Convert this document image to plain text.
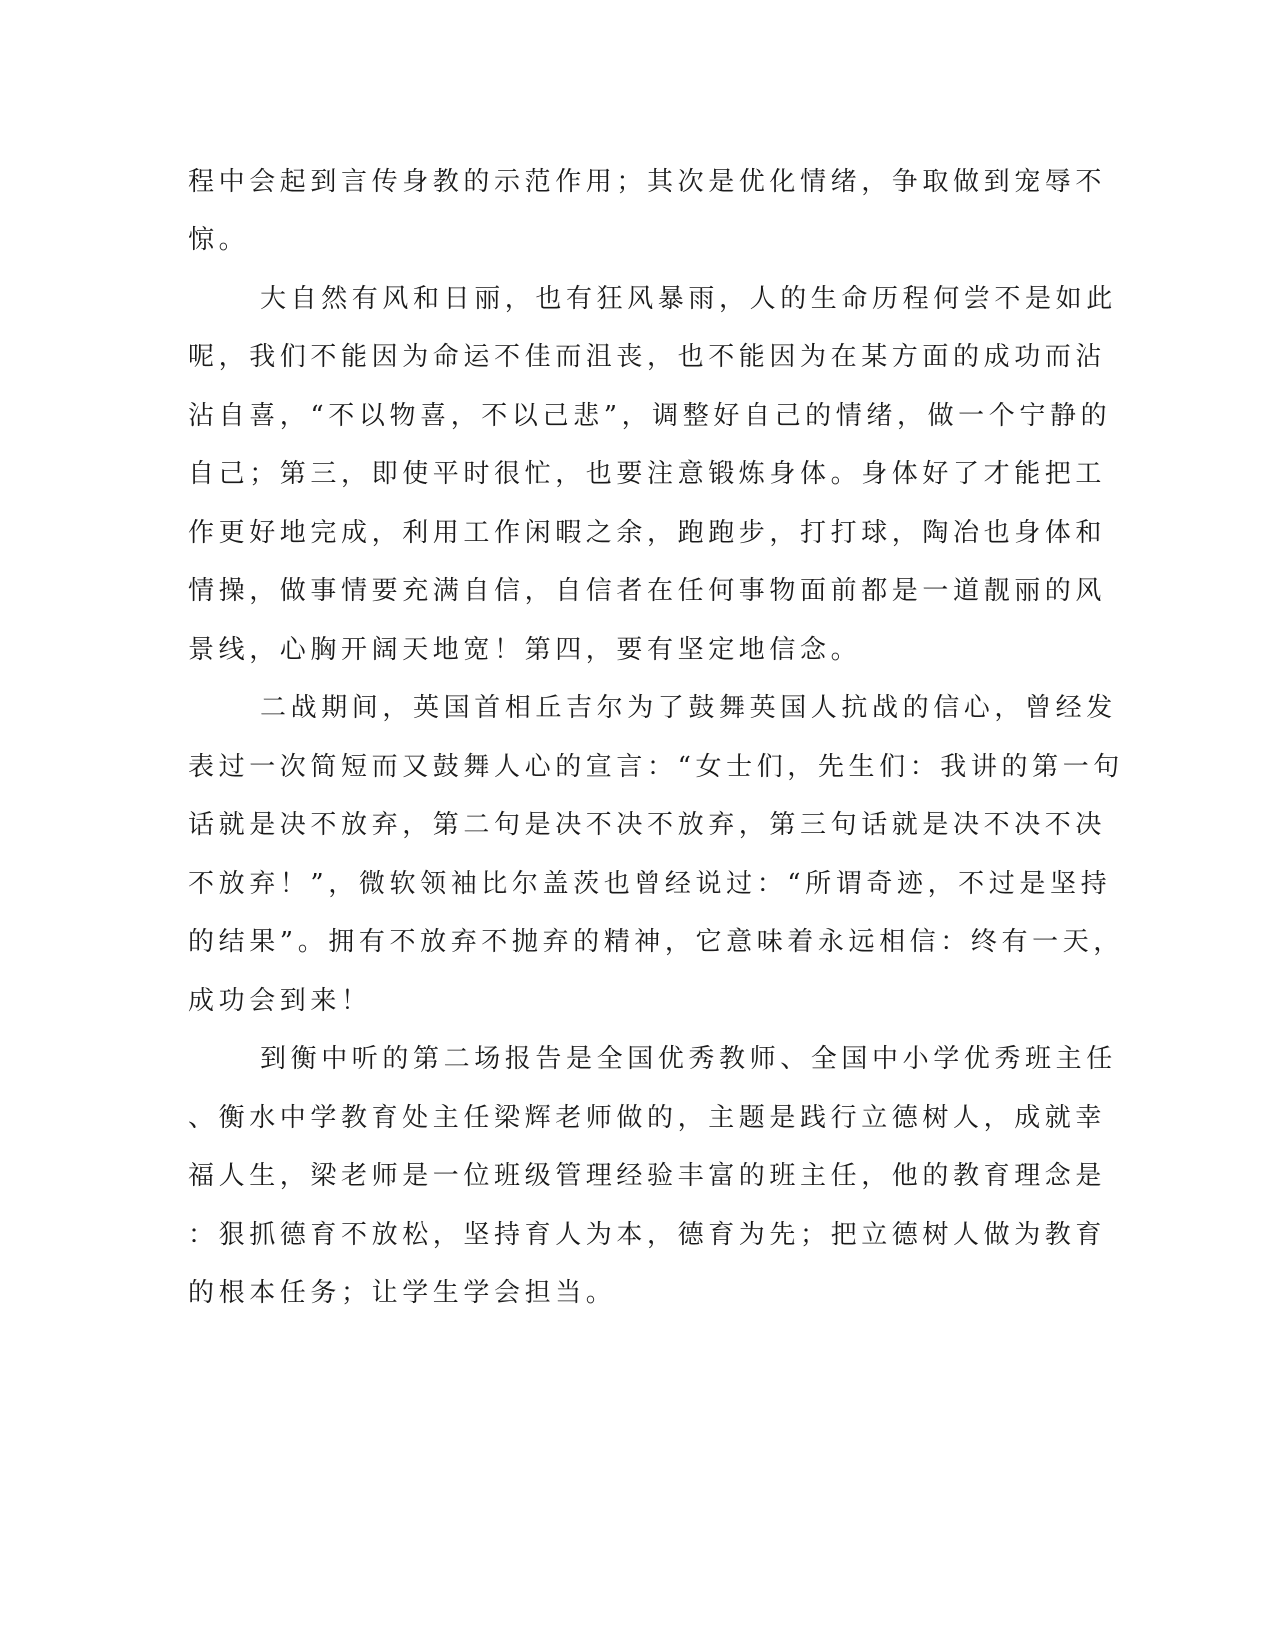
程中会起到言传身教的示范作用；其次是优化情绪，争取做到宠辱不

惊。

大自然有风和日丽，也有狂风暴雨，人的生命历程何尝不是如此

呢，我们不能因为命运不佳而沮丧，也不能因为在某方面的成功而沾

沾自喜，“不以物喜，不以己悲”，调整好自己的情绪，做一个宁静的

自己；第三，即使平时很忙，也要注意锻炼身体。身体好了才能把工

作更好地完成，利用工作闲暇之余，跑跑步，打打球，陶冶也身体和

情操，做事情要充满自信，自信者在任何事物面前都是一道靓丽的风

景线，心胸开阔天地宽！第四，要有坚定地信念。

二战期间，英国首相丘吉尔为了鼓舞英国人抗战的信心，曾经发

表过一次简短而又鼓舞人心的宣言：“女士们，先生们：我讲的第一句

话就是决不放弃，第二句是决不决不放弃，第三句话就是决不决不决

不放弃！”，微软领袖比尔盖茨也曾经说过：“所谓奇迹，不过是坚持

的结果”。拥有不放弃不抛弃的精神，它意味着永远相信：终有一天，

成功会到来！

到衡中听的第二场报告是全国优秀教师、全国中小学优秀班主任

、衡水中学教育处主任梁辉老师做的，主题是践行立德树人，成就幸

福人生，梁老师是一位班级管理经验丰富的班主任，他的教育理念是

：狠抓德育不放松，坚持育人为本，德育为先；把立德树人做为教育

的根本任务；让学生学会担当。
